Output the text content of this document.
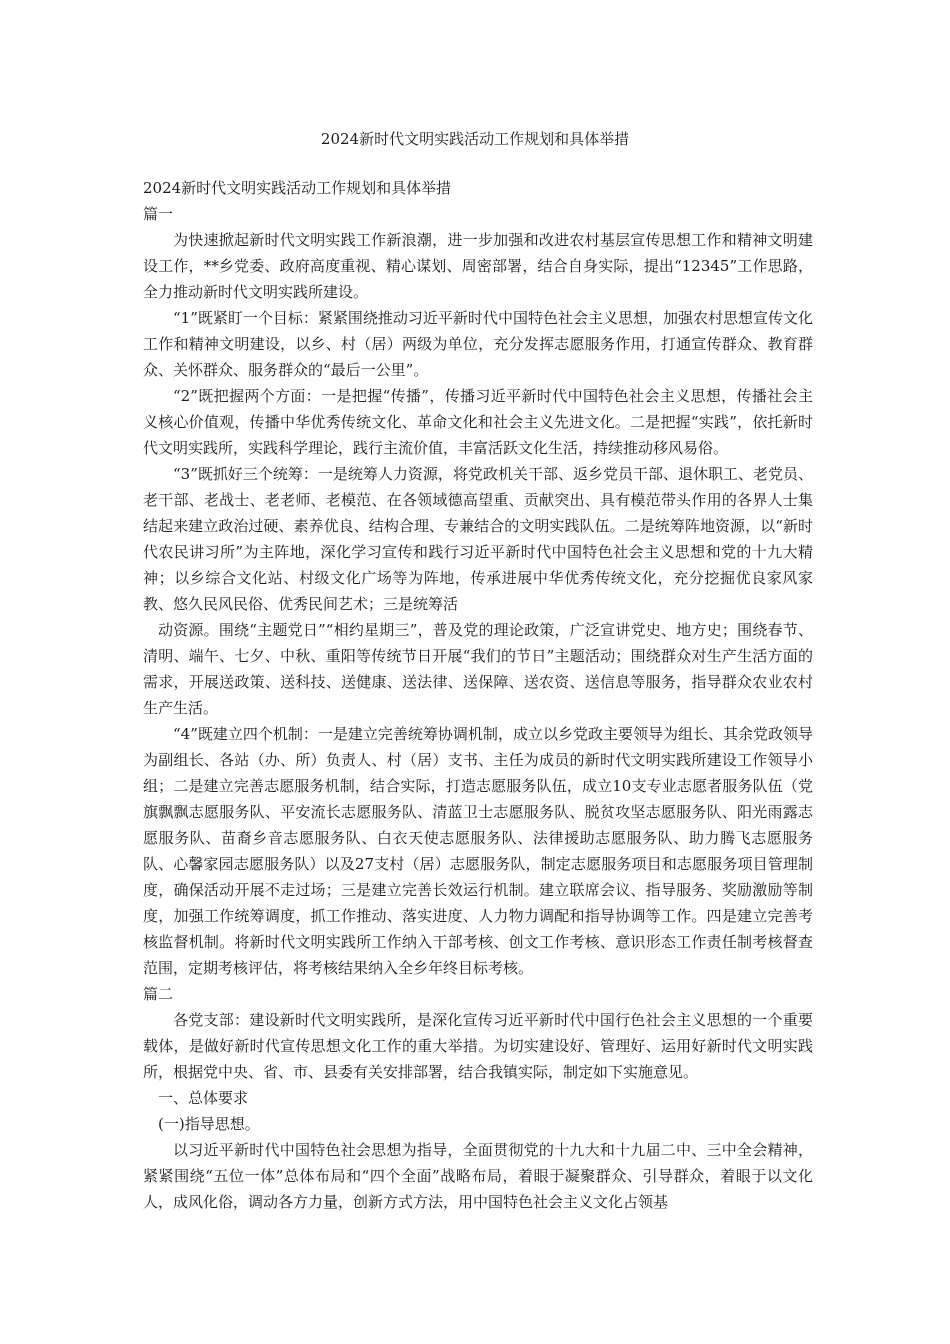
2024新时代文明实践活动工作规划和具体举措

2024新时代文明实践活动工作规划和具体举措

篇一

为快速掀起新时代文明实践工作新浪潮，进一步加强和改进农村基层宣传思想工作和精神文明建设工作，**乡党委、政府高度重视、精心谋划、周密部署，结合自身实际，提出“12345”工作思路，全力推动新时代文明实践所建设。

“1”既紧盯一个目标：紧紧围绕推动习近平新时代中国特色社会主义思想，加强农村思想宣传文化工作和精神文明建设，以乡、村（居）两级为单位，充分发挥志愿服务作用，打通宣传群众、教育群众、关怀群众、服务群众的“最后一公里”。

“2”既把握两个方面：一是把握“传播”，传播习近平新时代中国特色社会主义思想，传播社会主义核心价值观，传播中华优秀传统文化、革命文化和社会主义先进文化。二是把握“实践”，依托新时代文明实践所，实践科学理论，践行主流价值，丰富活跃文化生活，持续推动移风易俗。

“3”既抓好三个统筹：一是统筹人力资源，将党政机关干部、返乡党员干部、退休职工、老党员、老干部、老战士、老老师、老模范、在各领域德高望重、贡献突出、具有模范带头作用的各界人士集结起来建立政治过硬、素养优良、结构合理、专兼结合的文明实践队伍。二是统筹阵地资源，以“新时代农民讲习所”为主阵地，深化学习宣传和践行习近平新时代中国特色社会主义思想和党的十九大精神；以乡综合文化站、村级文化广场等为阵地，传承进展中华优秀传统文化，充分挖掘优良家风家教、悠久民风民俗、优秀民间艺术；三是统筹活

动资源。围绕“主题党日”“相约星期三”，普及党的理论政策，广泛宣讲党史、地方史；围绕春节、清明、端午、七夕、中秋、重阳等传统节日开展“我们的节日”主题活动；围绕群众对生产生活方面的需求，开展送政策、送科技、送健康、送法律、送保障、送农资、送信息等服务，指导群众农业农村生产生活。

“4”既建立四个机制：一是建立完善统筹协调机制，成立以乡党政主要领导为组长、其余党政领导为副组长、各站（办、所）负责人、村（居）支书、主任为成员的新时代文明实践所建设工作领导小组；二是建立完善志愿服务机制，结合实际，打造志愿服务队伍，成立10支专业志愿者服务队伍（党旗飘飘志愿服务队、平安流长志愿服务队、清蓝卫士志愿服务队、脱贫攻坚志愿服务队、阳光雨露志愿服务队、苗裔乡音志愿服务队、白衣天使志愿服务队、法律援助志愿服务队、助力腾飞志愿服务队、心馨家园志愿服务队）以及27支村（居）志愿服务队，制定志愿服务项目和志愿服务项目管理制度，确保活动开展不走过场；三是建立完善长效运行机制。建立联席会议、指导服务、奖励激励等制度，加强工作统筹调度，抓工作推动、落实进度、人力物力调配和指导协调等工作。四是建立完善考核监督机制。将新时代文明实践所工作纳入干部考核、创文工作考核、意识形态工作责任制考核督查范围，定期考核评估，将考核结果纳入全乡年终目标考核。

篇二

各党支部：建设新时代文明实践所，是深化宣传习近平新时代中国行色社会主义思想的一个重要载体，是做好新时代宣传思想文化工作的重大举措。为切实建设好、管理好、运用好新时代文明实践所，根据党中央、省、市、县委有关安排部署，结合我镇实际，制定如下实施意见。

一、总体要求

(一)指导思想。

以习近平新时代中国特色社会思想为指导，全面贯彻党的十九大和十九届二中、三中全会精神，紧紧围绕“五位一体”总体布局和“四个全面”战略布局，着眼于凝聚群众、引导群众，着眼于以文化人，成风化俗，调动各方力量，创新方式方法，用中国特色社会主义文化占领基
